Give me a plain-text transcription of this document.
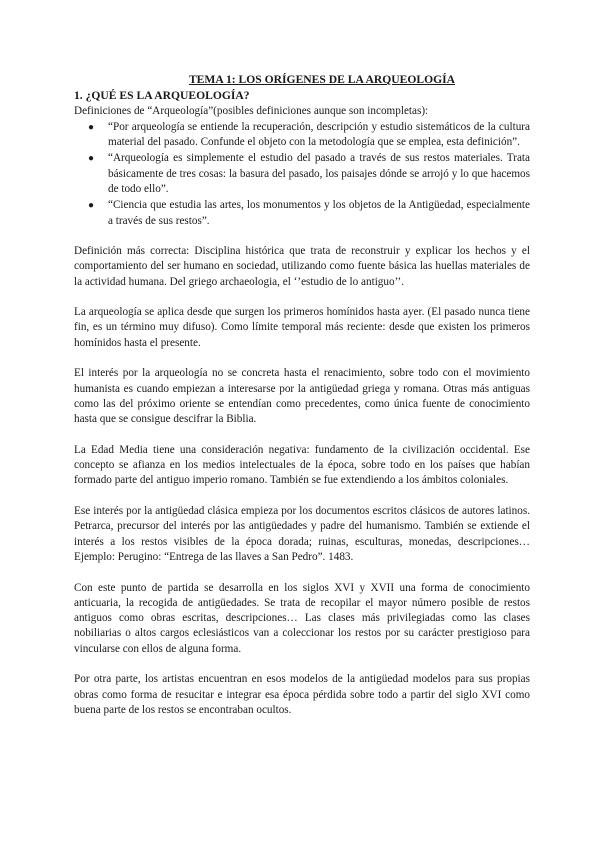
TEMA 1: LOS ORÍGENES DE LA ARQUEOLOGÍA
1. ¿QUÉ ES LA ARQUEOLOGÍA?

Definiciones de “Arqueología”(posibles definiciones aunque son incompletas):

● “Por arqueología se entiende la recuperación, descripción y estudio sistemáticos de la cultura material del pasado. Confunde el objeto con la metodología que se emplea, esta definición”.
● “Arqueología es simplemente el estudio del pasado a través de sus restos materiales. Trata básicamente de tres cosas: la basura del pasado, los paisajes dónde se arrojó y lo que hacemos de todo ello”.
● “Ciencia que estudia las artes, los monumentos y los objetos de la Antigüedad, especialmente a través de sus restos”.

Definición más correcta: Disciplina histórica que trata de reconstruir y explicar los hechos y el comportamiento del ser humano en sociedad, utilizando como fuente básica las huellas materiales de la actividad humana. Del griego archaeologia, el ‘’estudio de lo antiguo’’.

La arqueología se aplica desde que surgen los primeros homínidos hasta ayer. (El pasado nunca tiene fin, es un término muy difuso). Como límite temporal más reciente: desde que existen los primeros homínidos hasta el presente.

El interés por la arqueología no se concreta hasta el renacimiento, sobre todo con el movimiento humanista es cuando empiezan a interesarse por la antigüedad griega y romana. Otras más antiguas como las del próximo oriente se entendían como precedentes, como única fuente de conocimiento hasta que se consigue descifrar la Biblia.

La Edad Media tiene una consideración negativa: fundamento de la civilización occidental. Ese concepto se afianza en los medios intelectuales de la época, sobre todo en los países que habían formado parte del antiguo imperio romano. También se fue extendiendo a los ámbitos coloniales.

Ese interés por la antigüedad clásica empieza por los documentos escritos clásicos de autores latinos. Petrarca, precursor del interés por las antigüedades y padre del humanismo. También se extiende el interés a los restos visibles de la época dorada; ruinas, esculturas, monedas, descripciones… Ejemplo: Perugino: “Entrega de las llaves a San Pedro”. 1483.

Con este punto de partida se desarrolla en los siglos XVI y XVII una forma de conocimiento anticuaria, la recogida de antigüedades. Se trata de recopilar el mayor número posible de restos antiguos como obras escritas, descripciones… Las clases más privilegiadas como las clases nobiliarias o altos cargos eclesiásticos van a coleccionar los restos por su carácter prestigioso para vincularse con ellos de alguna forma.

Por otra parte, los artistas encuentran en esos modelos de la antigüedad modelos para sus propias obras como forma de resucitar e integrar esa época pérdida sobre todo a partir del siglo XVI como buena parte de los restos se encontraban ocultos.
